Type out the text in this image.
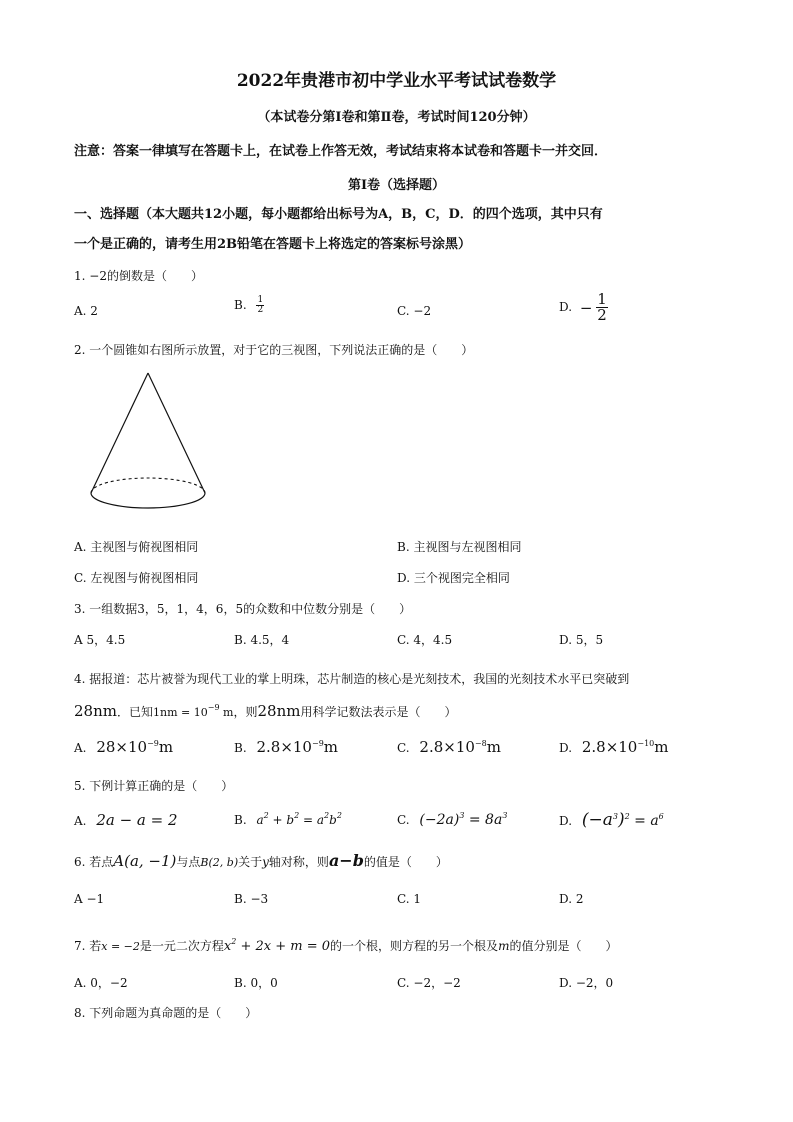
2022年贵港市初中学业水平考试试卷数学
（本试卷分第Ⅰ卷和第Ⅱ卷，考试时间120分钟）
注意：答案一律填写在答题卡上，在试卷上作答无效，考试结束将本试卷和答题卡一并交回．
第Ⅰ卷（选择题）
一、选择题（本大题共12小题，每小题都给出标号为A，B，C，D．的四个选项，其中只有
一个是正确的，请考生用2B铅笔在答题卡上将选定的答案标号涂黑）
1. −2的倒数是（　　）
A. 2	B. $\frac{1}{2}$	C. −2	D. − $\frac{1}{2}$
2. 一个圆锥如右图所示放置，对于它的三视图，下列说法正确的是（　　）
A. 主视图与俯视图相同	B. 主视图与左视图相同
C. 左视图与俯视图相同	D. 三个视图完全相同
3. 一组数据3，5，1，4，6，5的众数和中位数分别是（　　）
A 5，4.5	B. 4.5，4	C. 4，4.5	D. 5，5
4. 据报道：芯片被誉为现代工业的掌上明珠，芯片制造的核心是光刻技术，我国的光刻技术水平已突破到
28nm．已知$1nm = 10^{-9}$ m，则28nm用科学记数法表示是（　　）
A. $28\times 10^{-9}m$	B. $2.8\times 10^{-9}m$	C. $2.8\times 10^{-8}m$	D. $2.8\times 10^{-10}m$
5. 下例计算正确的是（　　）
A. 2a − a = 2	B. $a^2 + b^2 = a^2b^2$	C. $(-2a)^3 = 8a^3$	D. $(-a^3)^2 = a^6$
6. 若点A(a, −1)与点B(2, b)关于y轴对称，则a−b的值是（　　）
A −1	B. −3	C. 1	D. 2
7. 若x = −2是一元二次方程$x^2 + 2x + m = 0$的一个根，则方程的另一个根及m的值分别是（　　）
A. 0，−2	B. 0，0	C. −2，−2	D. −2，0
8. 下列命题为真命题的是（　　）
